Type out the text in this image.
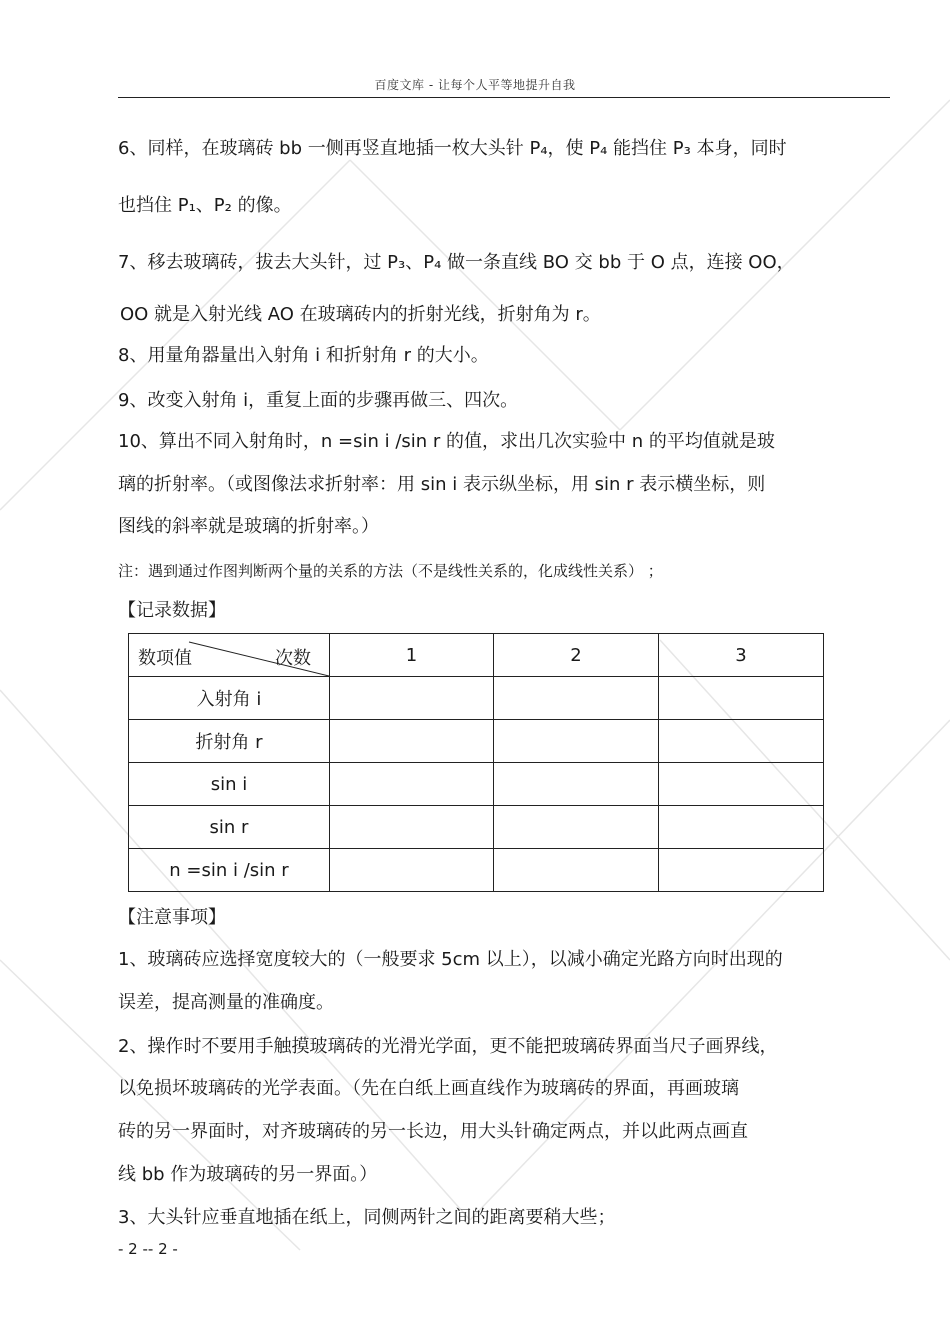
百度文库 - 让每个人平等地提升自我
6、同样，在玻璃砖 bb 一侧再竖直地插一枚大头针 P₄，使 P₄ 能挡住 P₃ 本身，同时
也挡住 P₁、P₂ 的像。
7、移去玻璃砖，拔去大头针，过 P₃、P₄ 做一条直线 BO 交 bb 于 O 点，连接 OO，
OO 就是入射光线 AO 在玻璃砖内的折射光线，折射角为 r。
8、用量角器量出入射角 i 和折射角 r 的大小。
9、改变入射角 i，重复上面的步骤再做三、四次。
10、算出不同入射角时，n =sin i /sin r 的值，求出几次实验中 n 的平均值就是玻
璃的折射率。（或图像法求折射率：用 sin i 表示纵坐标，用 sin r 表示横坐标，则
图线的斜率就是玻璃的折射率。）
注：遇到通过作图判断两个量的关系的方法（不是线性关系的，化成线性关系） ；
【记录数据】
数项值 次数	1	2	3
入射角 i			
折射角 r			
sin i			
sin r			
n =sin i /sin r			
【注意事项】
1、玻璃砖应选择宽度较大的（一般要求 5cm 以上），以减小确定光路方向时出现的
误差，提高测量的准确度。
2、操作时不要用手触摸玻璃砖的光滑光学面，更不能把玻璃砖界面当尺子画界线，
以免损坏玻璃砖的光学表面。（先在白纸上画直线作为玻璃砖的界面，再画玻璃
砖的另一界面时，对齐玻璃砖的另一长边，用大头针确定两点，并以此两点画直
线 bb 作为玻璃砖的另一界面。）
3、大头针应垂直地插在纸上，同侧两针之间的距离要稍大些；
- 2 -- 2 -
